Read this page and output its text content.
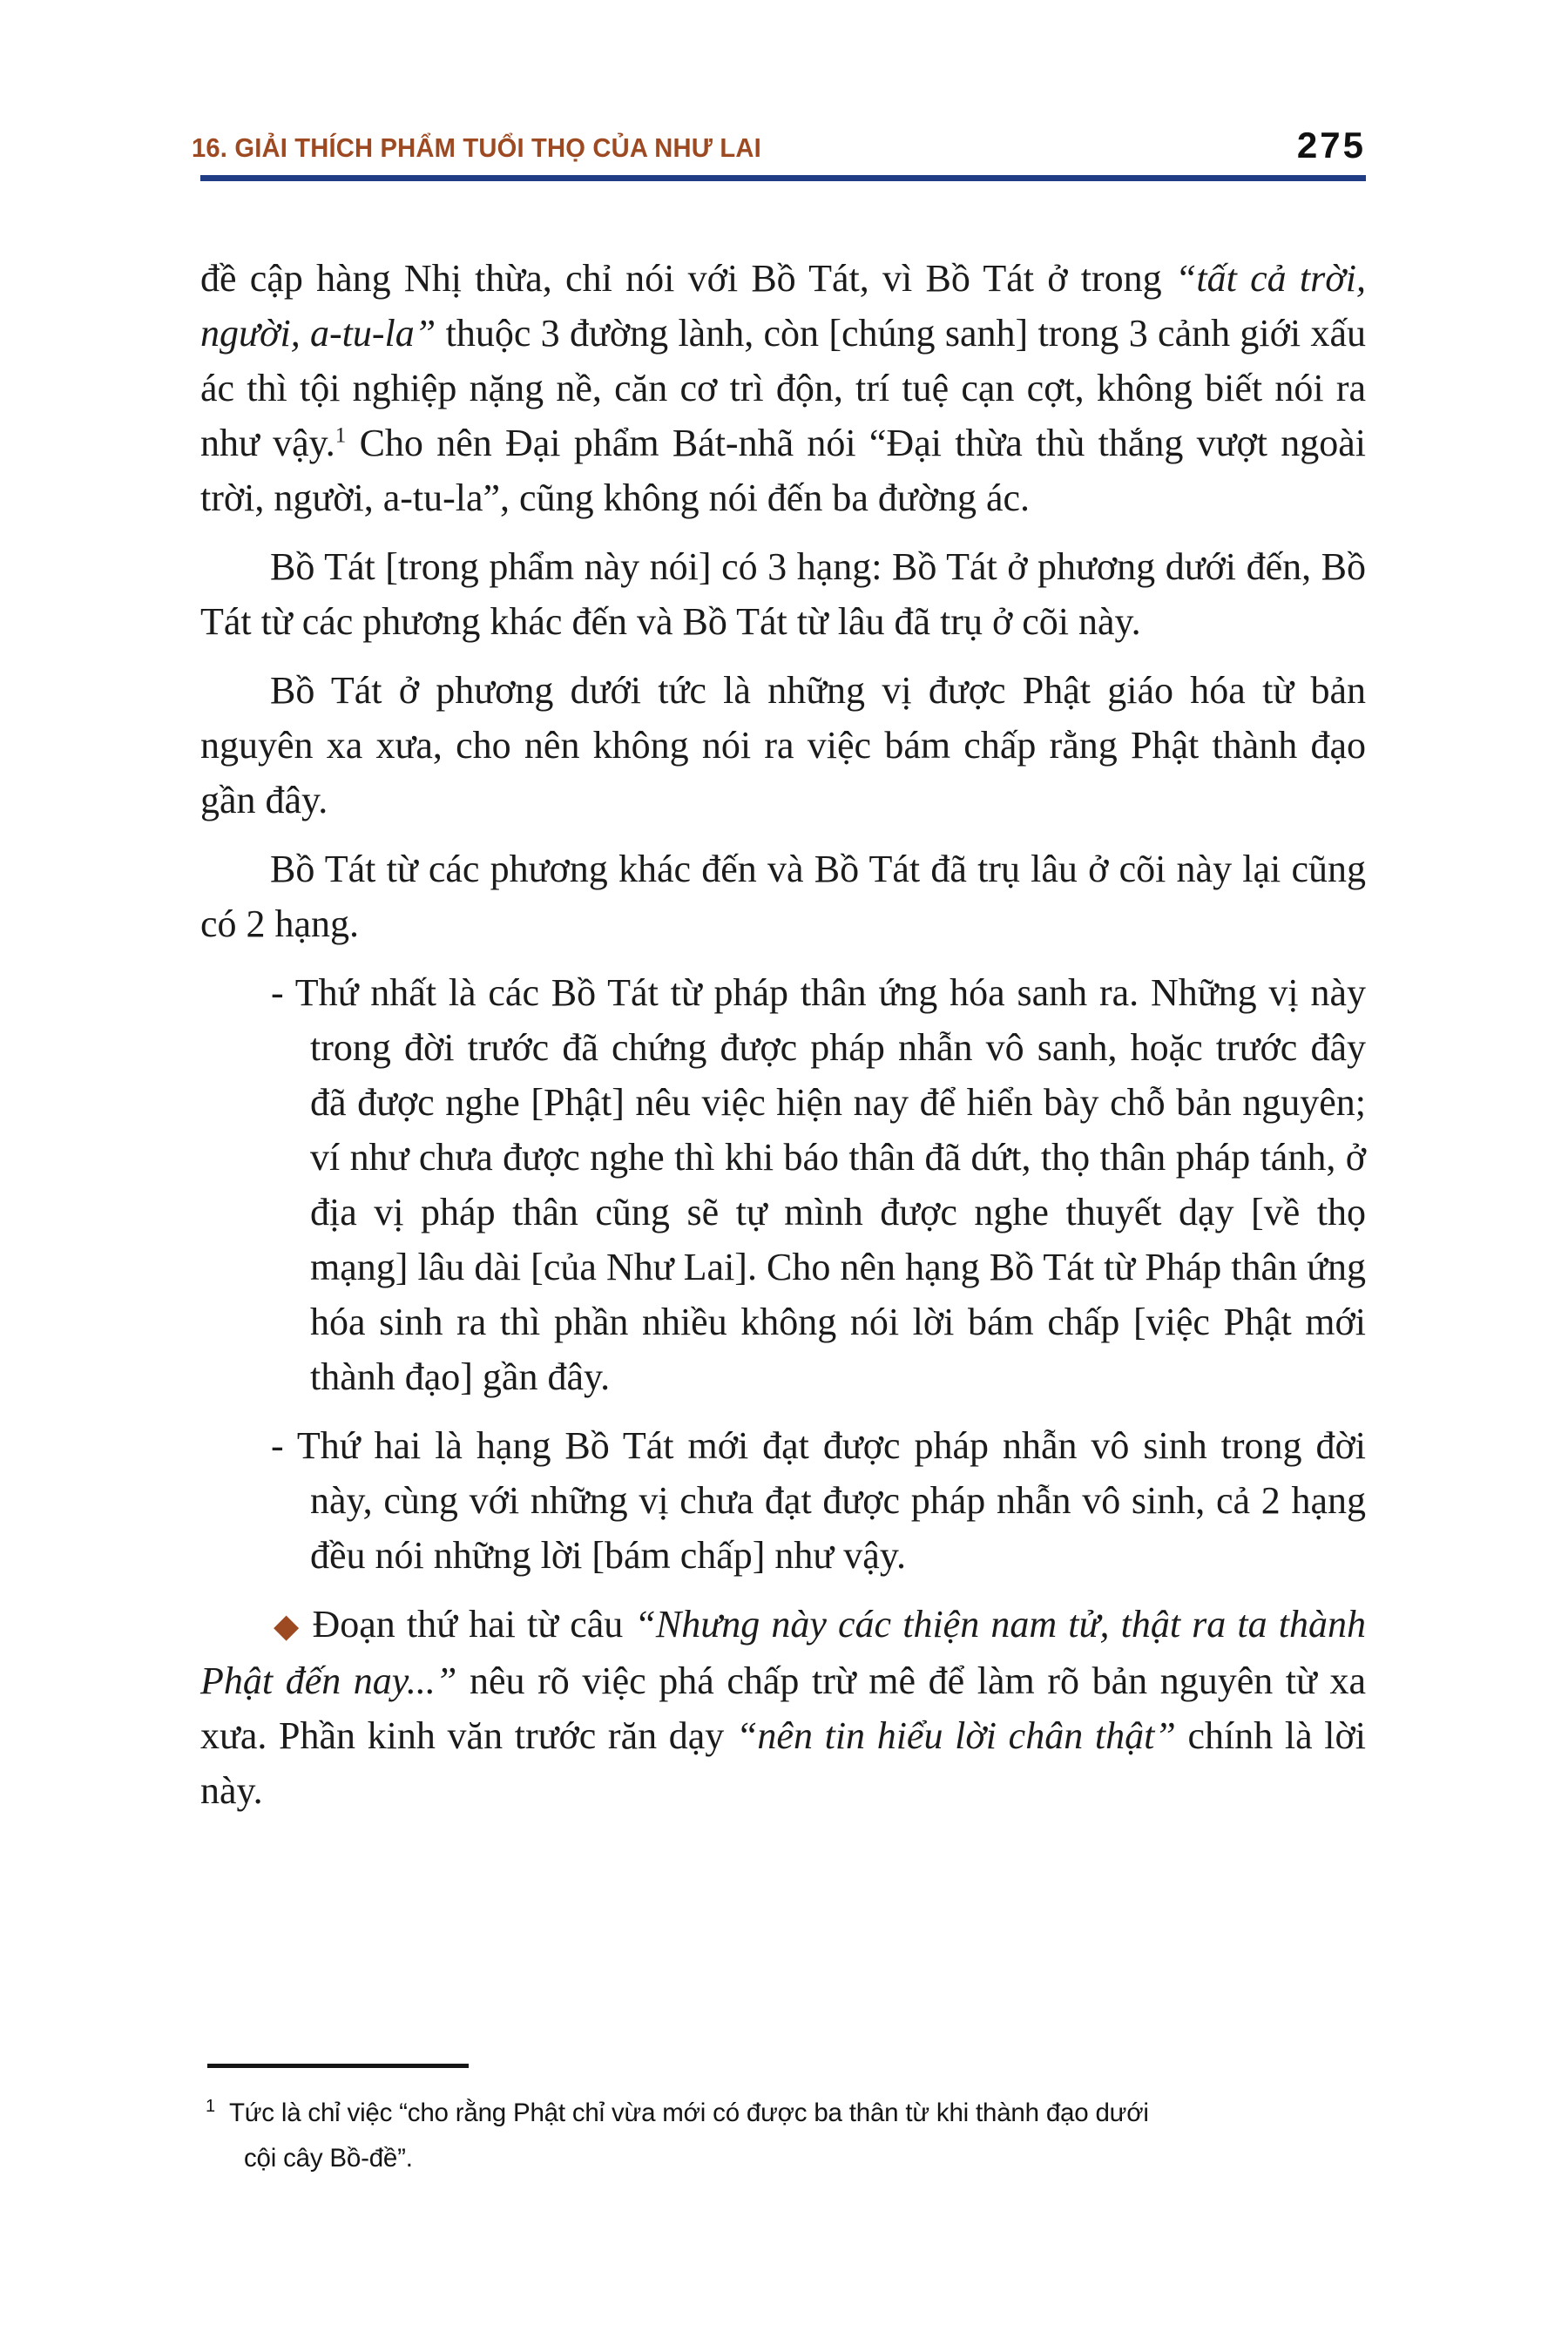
16. GIẢI THÍCH PHẨM TUỔI THỌ CỦA NHƯ LAI	275

đề cập hàng Nhị thừa, chỉ nói với Bồ Tát, vì Bồ Tát ở trong “tất cả trời, người, a-tu-la” thuộc 3 đường lành, còn [chúng sanh] trong 3 cảnh giới xấu ác thì tội nghiệp nặng nề, căn cơ trì độn, trí tuệ cạn cợt, không biết nói ra như vậy.$^1$ Cho nên Đại phẩm Bát-nhã nói “Đại thừa thù thắng vượt ngoài trời, người, a-tu-la”, cũng không nói đến ba đường ác.

Bồ Tát [trong phẩm này nói] có 3 hạng: Bồ Tát ở phương dưới đến, Bồ Tát từ các phương khác đến và Bồ Tát từ lâu đã trụ ở cõi này.

Bồ Tát ở phương dưới tức là những vị được Phật giáo hóa từ bản nguyên xa xưa, cho nên không nói ra việc bám chấp rằng Phật thành đạo gần đây.

Bồ Tát từ các phương khác đến và Bồ Tát đã trụ lâu ở cõi này lại cũng có 2 hạng.

- Thứ nhất là các Bồ Tát từ pháp thân ứng hóa sanh ra. Những vị này trong đời trước đã chứng được pháp nhẫn vô sanh, hoặc trước đây đã được nghe [Phật] nêu việc hiện nay để hiển bày chỗ bản nguyên; ví như chưa được nghe thì khi báo thân đã dứt, thọ thân pháp tánh, ở địa vị pháp thân cũng sẽ tự mình được nghe thuyết dạy [về thọ mạng] lâu dài [của Như Lai]. Cho nên hạng Bồ Tát từ Pháp thân ứng hóa sinh ra thì phần nhiều không nói lời bám chấp [việc Phật mới thành đạo] gần đây.

- Thứ hai là hạng Bồ Tát mới đạt được pháp nhẫn vô sinh trong đời này, cùng với những vị chưa đạt được pháp nhẫn vô sinh, cả 2 hạng đều nói những lời [bám chấp] như vậy.

◆ Đoạn thứ hai từ câu “Nhưng này các thiện nam tử, thật ra ta thành Phật đến nay...” nêu rõ việc phá chấp trừ mê để làm rõ bản nguyên từ xa xưa. Phần kinh văn trước răn dạy “nên tin hiểu lời chân thật” chính là lời này.

$^1$ Tức là chỉ việc “cho rằng Phật chỉ vừa mới có được ba thân từ khi thành đạo dưới
cội cây Bồ-đề”.
